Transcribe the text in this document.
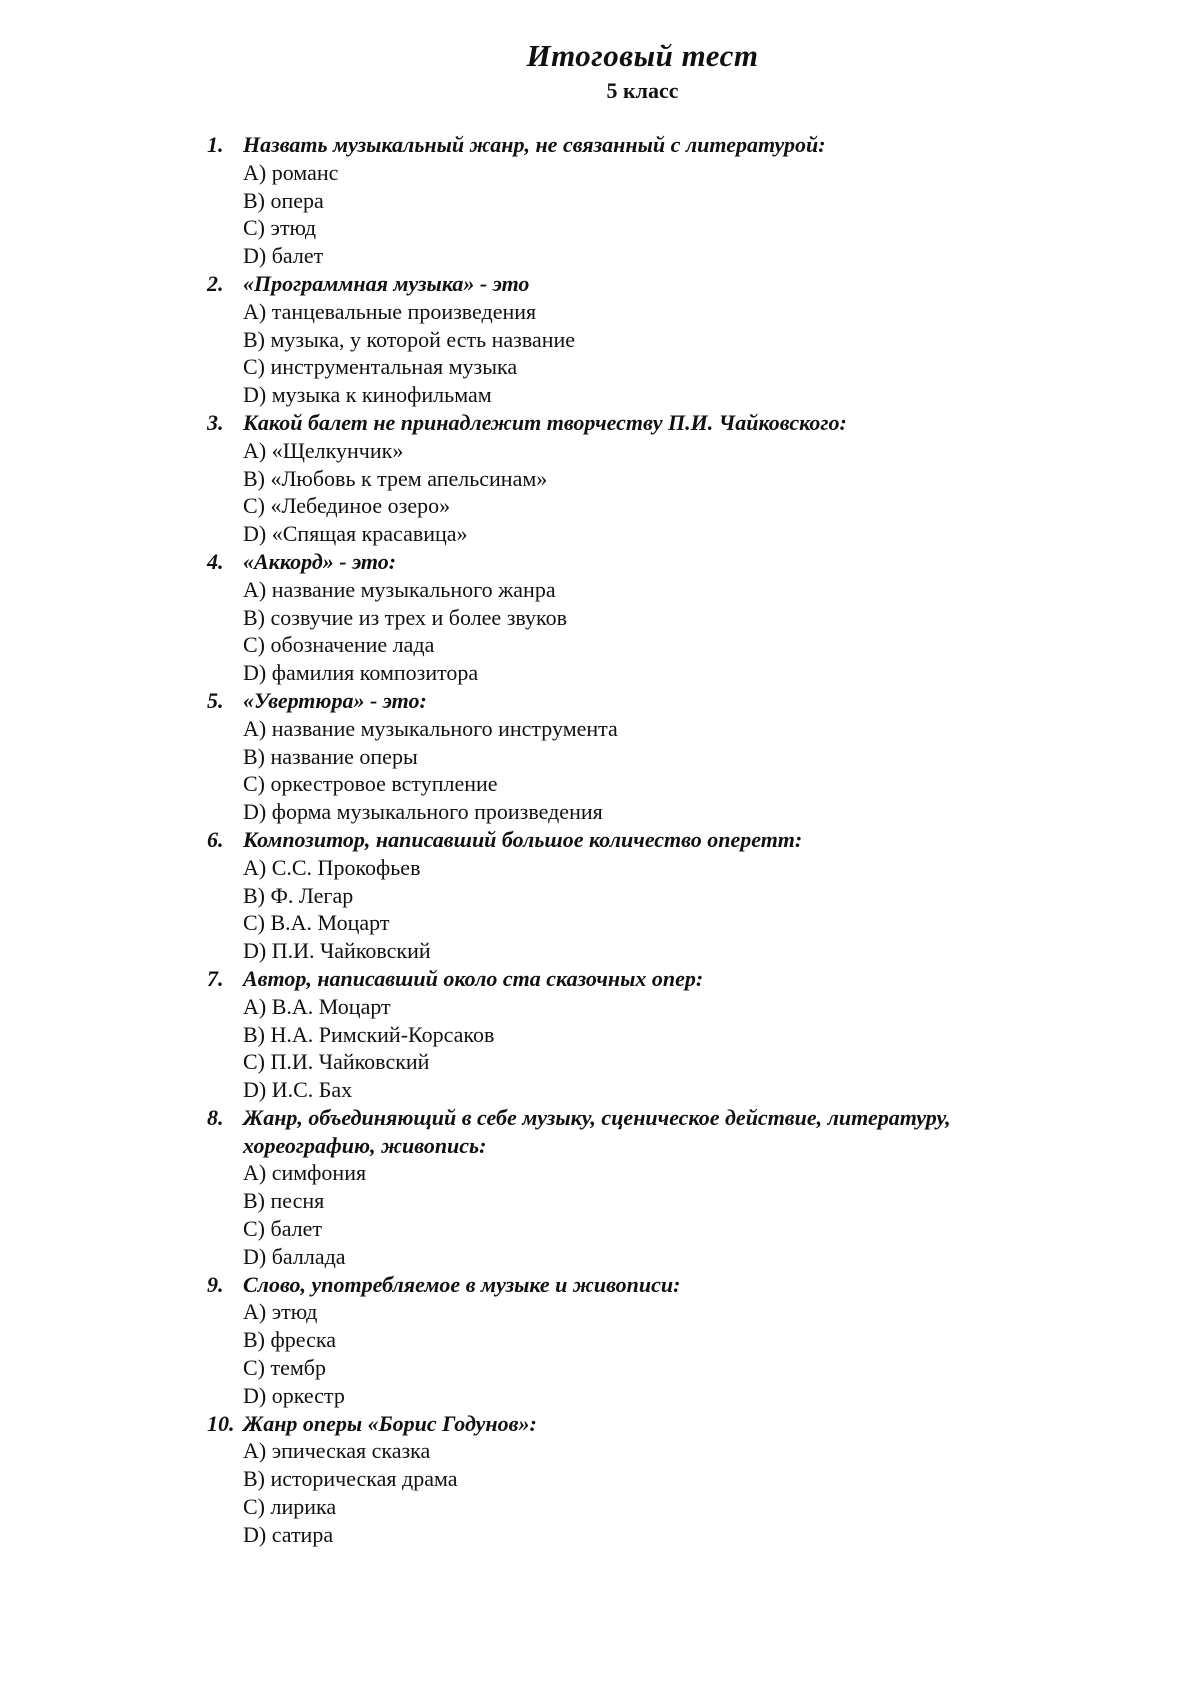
Итоговый тест
5 класс
1. Назвать музыкальный жанр, не связанный с литературой:
A) романс
B) опера
C) этюд
D) балет
2. «Программная музыка» - это
A) танцевальные произведения
B) музыка, у которой есть название
C) инструментальная музыка
D) музыка к кинофильмам
3. Какой балет не принадлежит творчеству П.И. Чайковского:
A) «Щелкунчик»
B) «Любовь к трем апельсинам»
C) «Лебединое озеро»
D) «Спящая красавица»
4. «Аккорд» - это:
A) название музыкального жанра
B) созвучие из трех и более звуков
C) обозначение лада
D) фамилия композитора
5. «Увертюра» - это:
A) название музыкального инструмента
B) название оперы
C) оркестровое вступление
D) форма музыкального произведения
6. Композитор, написавший большое количество оперетт:
A) С.С. Прокофьев
B) Ф. Легар
C) В.А. Моцарт
D) П.И. Чайковский
7. Автор, написавший около ста сказочных опер:
A) В.А. Моцарт
B) Н.А. Римский-Корсаков
C) П.И. Чайковский
D) И.С. Бах
8. Жанр, объединяющий в себе музыку, сценическое действие, литературу, хореографию, живопись:
A) симфония
B) песня
C) балет
D) баллада
9. Слово, употребляемое в музыке и живописи:
A) этюд
B) фреска
C) тембр
D) оркестр
10. Жанр оперы «Борис Годунов»:
A) эпическая сказка
B) историческая драма
C) лирика
D) сатира
